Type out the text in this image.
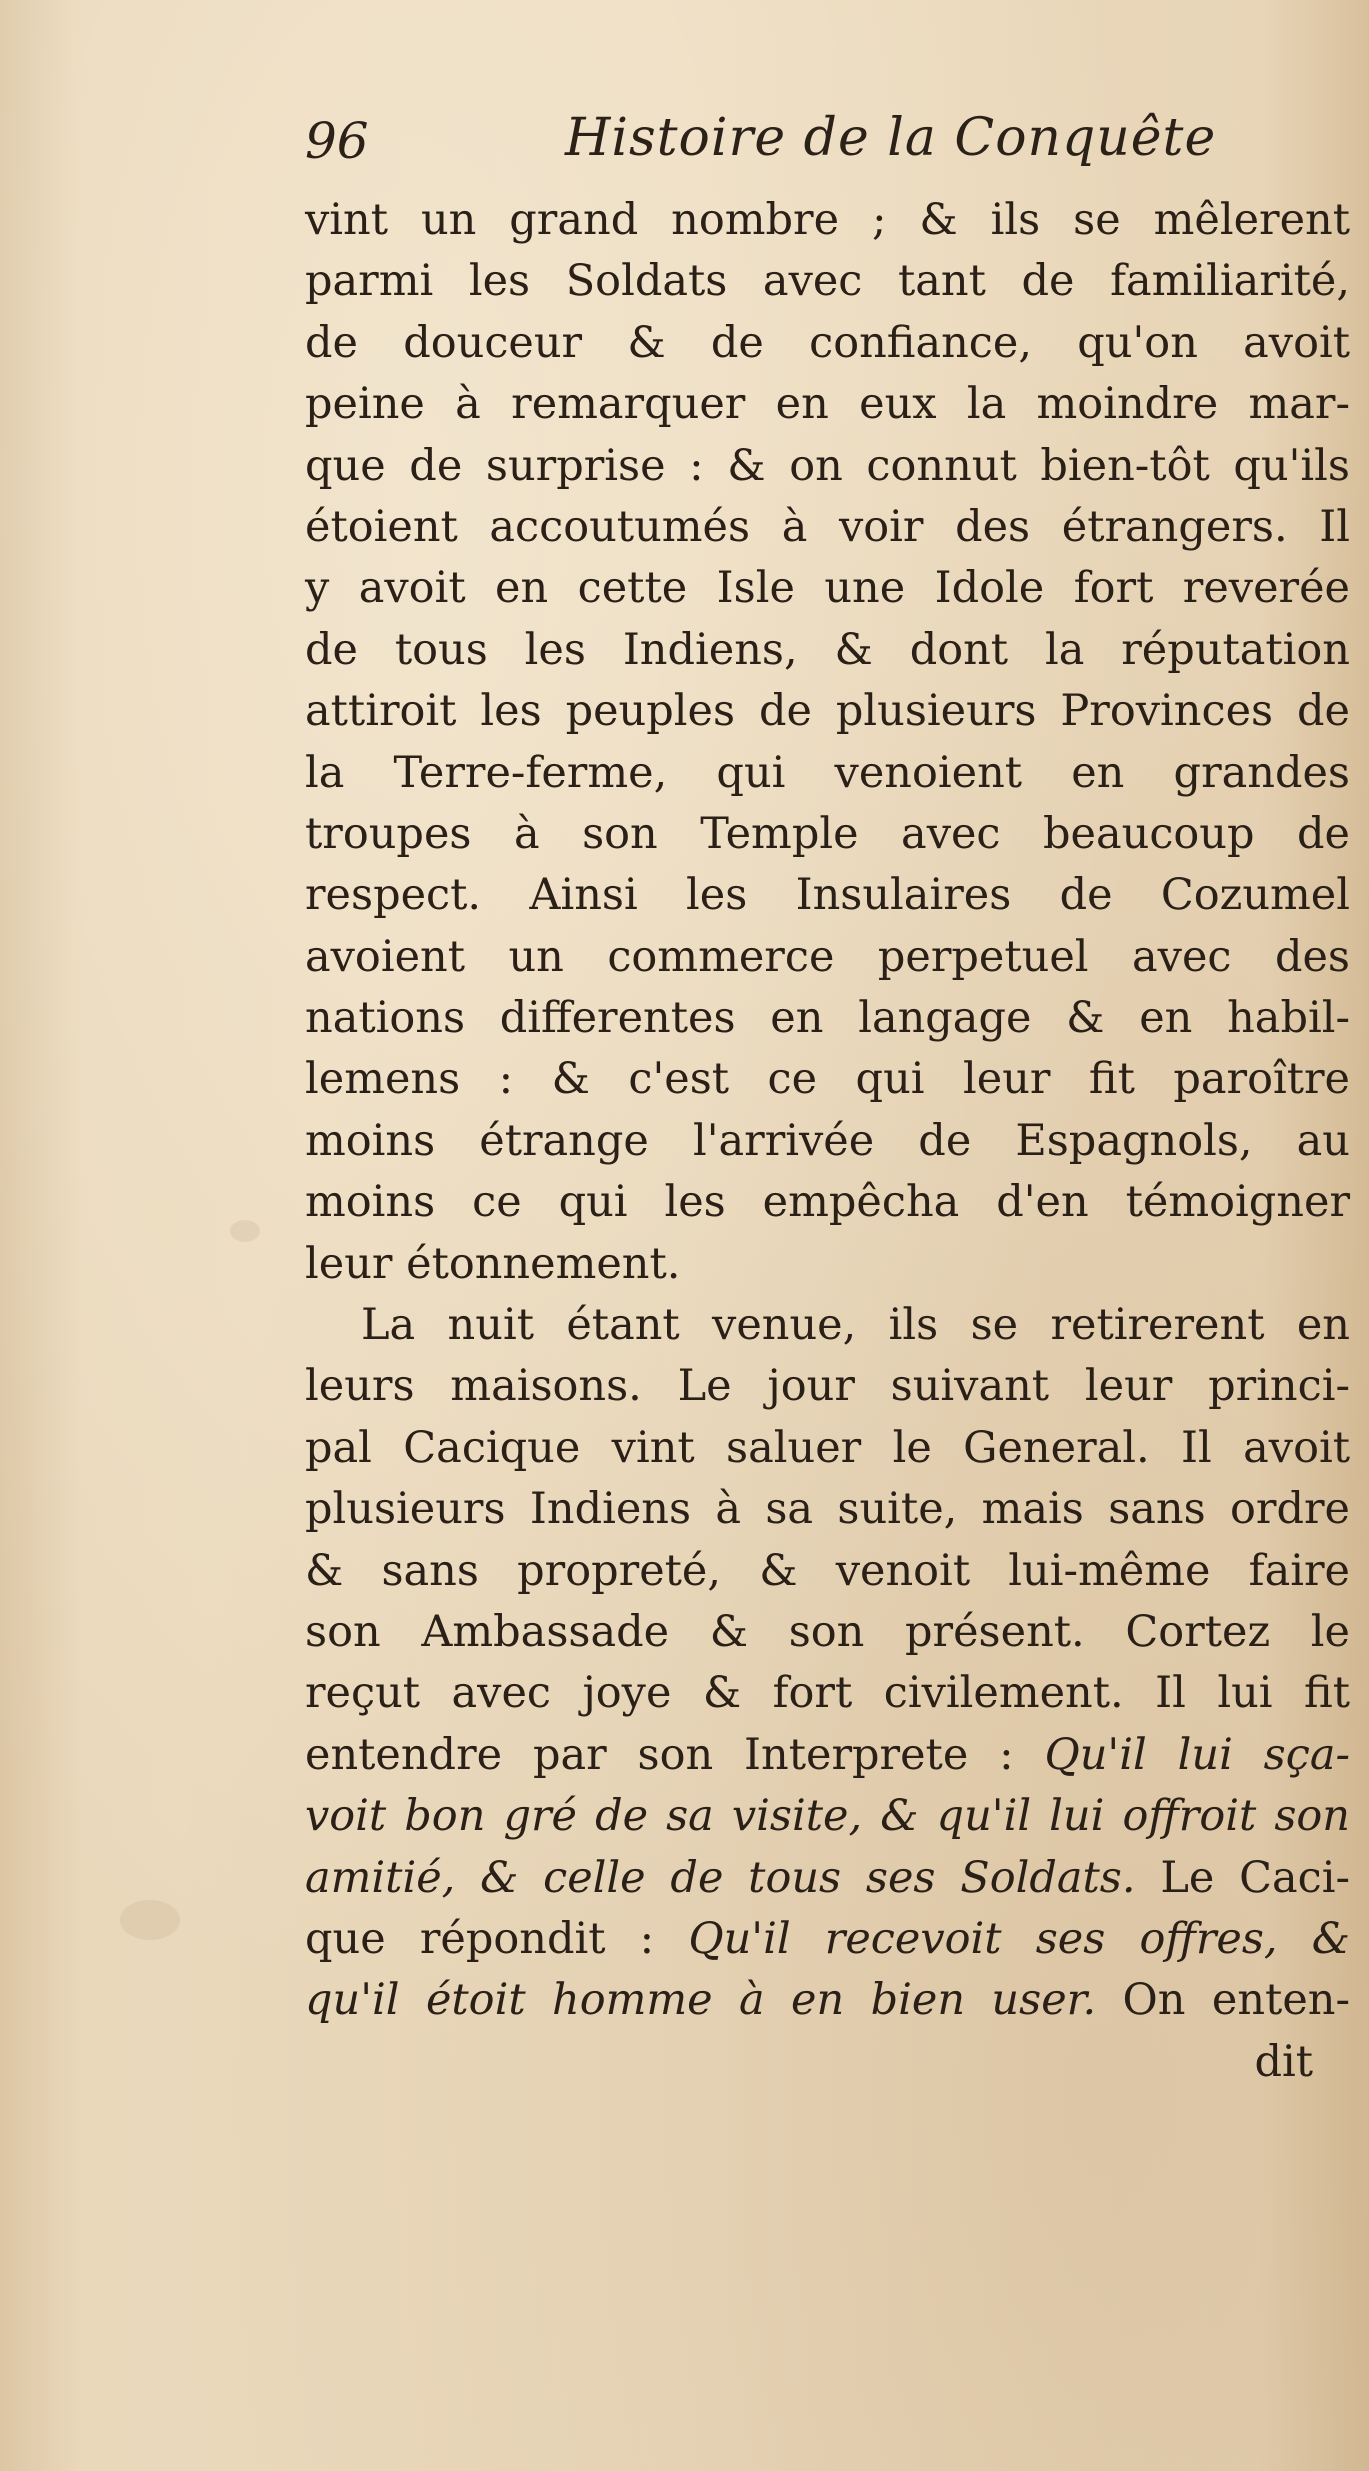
96	Histoire de la Conquête
vint un grand nombre ; & ils se mêlerent
parmi les Soldats avec tant de familiarité,
de douceur & de confiance, qu'on avoit
peine à remarquer en eux la moindre mar-
que de surprise : & on connut bien-tôt qu'ils
étoient accoutumés à voir des étrangers. Il
y avoit en cette Isle une Idole fort reverée
de tous les Indiens, & dont la réputation
attiroit les peuples de plusieurs Provinces de
la Terre-ferme, qui venoient en grandes
troupes à son Temple avec beaucoup de
respect. Ainsi les Insulaires de Cozumel
avoient un commerce perpetuel avec des
nations differentes en langage & en habil-
lemens : & c'est ce qui leur fit paroître
moins étrange l'arrivée de Espagnols, au
moins ce qui les empêcha d'en témoigner
leur étonnement.
La nuit étant venue, ils se retirerent en
leurs maisons. Le jour suivant leur princi-
pal Cacique vint saluer le General. Il avoit
plusieurs Indiens à sa suite, mais sans ordre
& sans propreté, & venoit lui-même faire
son Ambassade & son présent. Cortez le
reçut avec joye & fort civilement. Il lui fit
entendre par son Interprete : Qu'il lui sça-
voit bon gré de sa visite, & qu'il lui offroit son
amitié, & celle de tous ses Soldats. Le Caci-
que répondit : Qu'il recevoit ses offres, &
qu'il étoit homme à en bien user. On enten-
dit
